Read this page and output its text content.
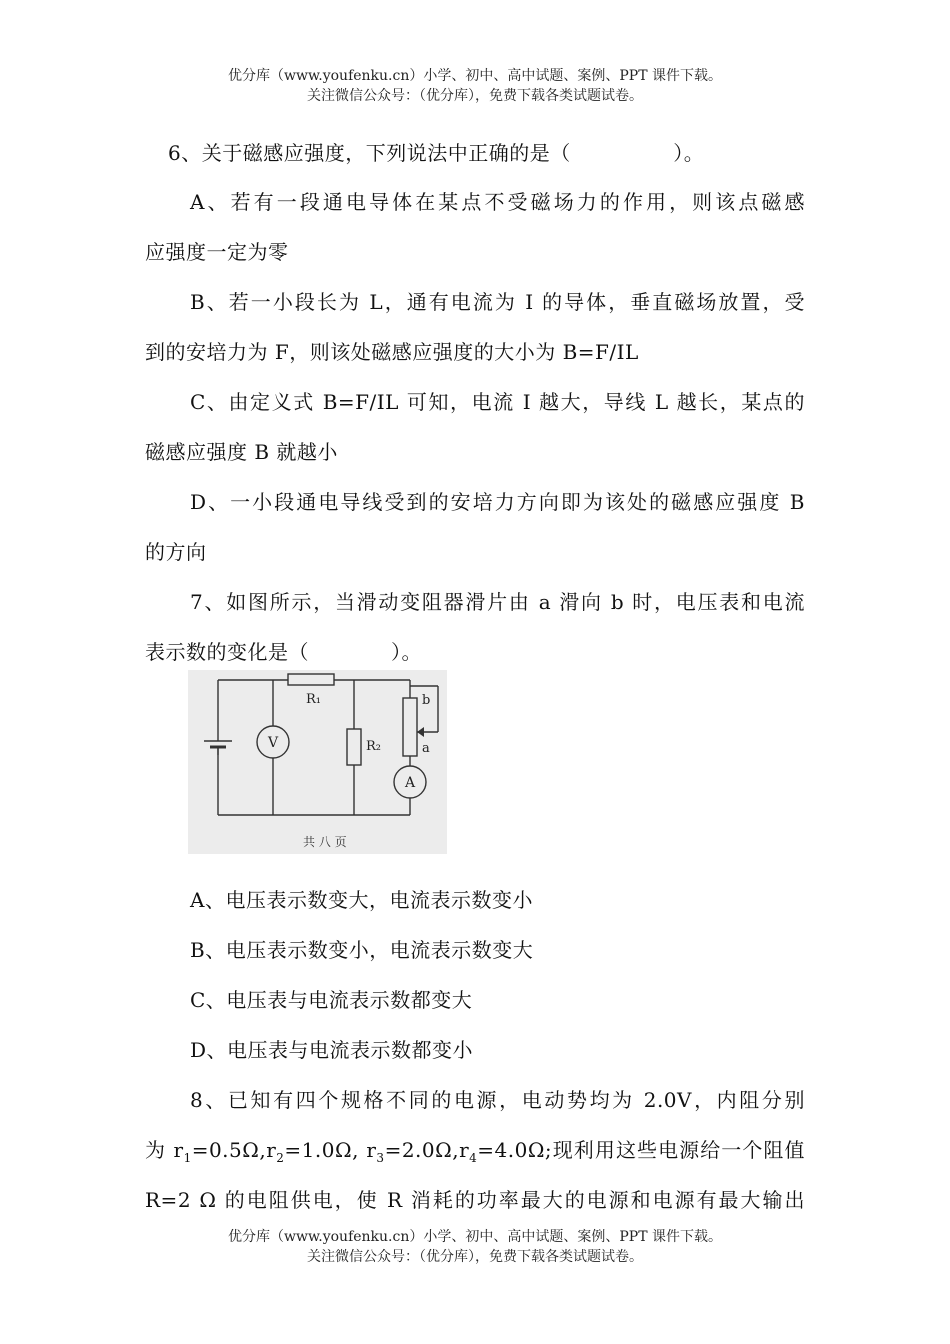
优分库（www.youfenku.cn）小学、初中、高中试题、案例、PPT 课件下载。
关注微信公众号：（优分库），免费下载各类试题试卷。
6、关于磁感应强度，下列说法中正确的是（　　　　　）。
A、若有一段通电导体在某点不受磁场力的作用，则该点磁感
应强度一定为零
B、若一小段长为 L，通有电流为 I 的导体，垂直磁场放置，受
到的安培力为 F，则该处磁感应强度的大小为 B=F/IL
C、由定义式 B=F/IL 可知，电流 I 越大，导线 L 越长，某点的
磁感应强度 B 就越小
D、一小段通电导线受到的安培力方向即为该处的磁感应强度 B
的方向
7、如图所示，当滑动变阻器滑片由 a 滑向 b 时，电压表和电流
表示数的变化是（　　　　）。
R₁
V	R₂
b
a
A
共 八 页
A、电压表示数变大，电流表示数变小
B、电压表示数变小，电流表示数变大
C、电压表与电流表示数都变大
D、电压表与电流表示数都变小
8、已知有四个规格不同的电源，电动势均为 2.0V，内阻分别
为 $r_1=0.5\Omega,r_2=1.0\Omega$, $r_3=2.0\Omega,r_4=4.0\Omega$;现利用这些电源给一个阻值
R=2 Ω 的电阻供电，使 R 消耗的功率最大的电源和电源有最大输出
优分库（www.youfenku.cn）小学、初中、高中试题、案例、PPT 课件下载。
关注微信公众号：（优分库），免费下载各类试题试卷。
